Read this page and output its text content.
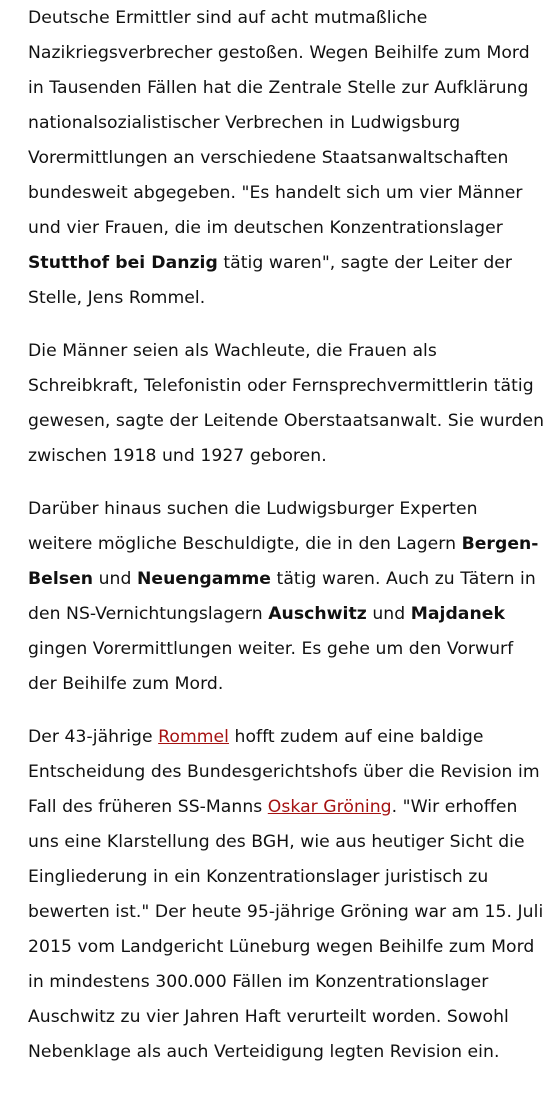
Deutsche Ermittler sind auf acht mutmaßliche Nazikriegsverbrecher gestoßen. Wegen Beihilfe zum Mord in Tausenden Fällen hat die Zentrale Stelle zur Aufklärung nationalsozialistischer Verbrechen in Ludwigsburg Vorermittlungen an verschiedene Staatsanwaltschaften bundesweit abgegeben. "Es handelt sich um vier Männer und vier Frauen, die im deutschen Konzentrationslager Stutthof bei Danzig tätig waren", sagte der Leiter der Stelle, Jens Rommel.

Die Männer seien als Wachleute, die Frauen als Schreibkraft, Telefonistin oder Fernsprechvermittlerin tätig gewesen, sagte der Leitende Oberstaatsanwalt. Sie wurden zwischen 1918 und 1927 geboren.

Darüber hinaus suchen die Ludwigsburger Experten weitere mögliche Beschuldigte, die in den Lagern Bergen-Belsen und Neuengamme tätig waren. Auch zu Tätern in den NS-Vernichtungslagern Auschwitz und Majdanek gingen Vorermittlungen weiter. Es gehe um den Vorwurf der Beihilfe zum Mord.

Der 43-jährige Rommel hofft zudem auf eine baldige Entscheidung des Bundesgerichtshofs über die Revision im Fall des früheren SS-Manns Oskar Gröning. "Wir erhoffen uns eine Klarstellung des BGH, wie aus heutiger Sicht die Eingliederung in ein Konzentrationslager juristisch zu bewerten ist." Der heute 95-jährige Gröning war am 15. Juli 2015 vom Landgericht Lüneburg wegen Beihilfe zum Mord in mindestens 300.000 Fällen im Konzentrationslager Auschwitz zu vier Jahren Haft verurteilt worden. Sowohl Nebenklage als auch Verteidigung legten Revision ein.
